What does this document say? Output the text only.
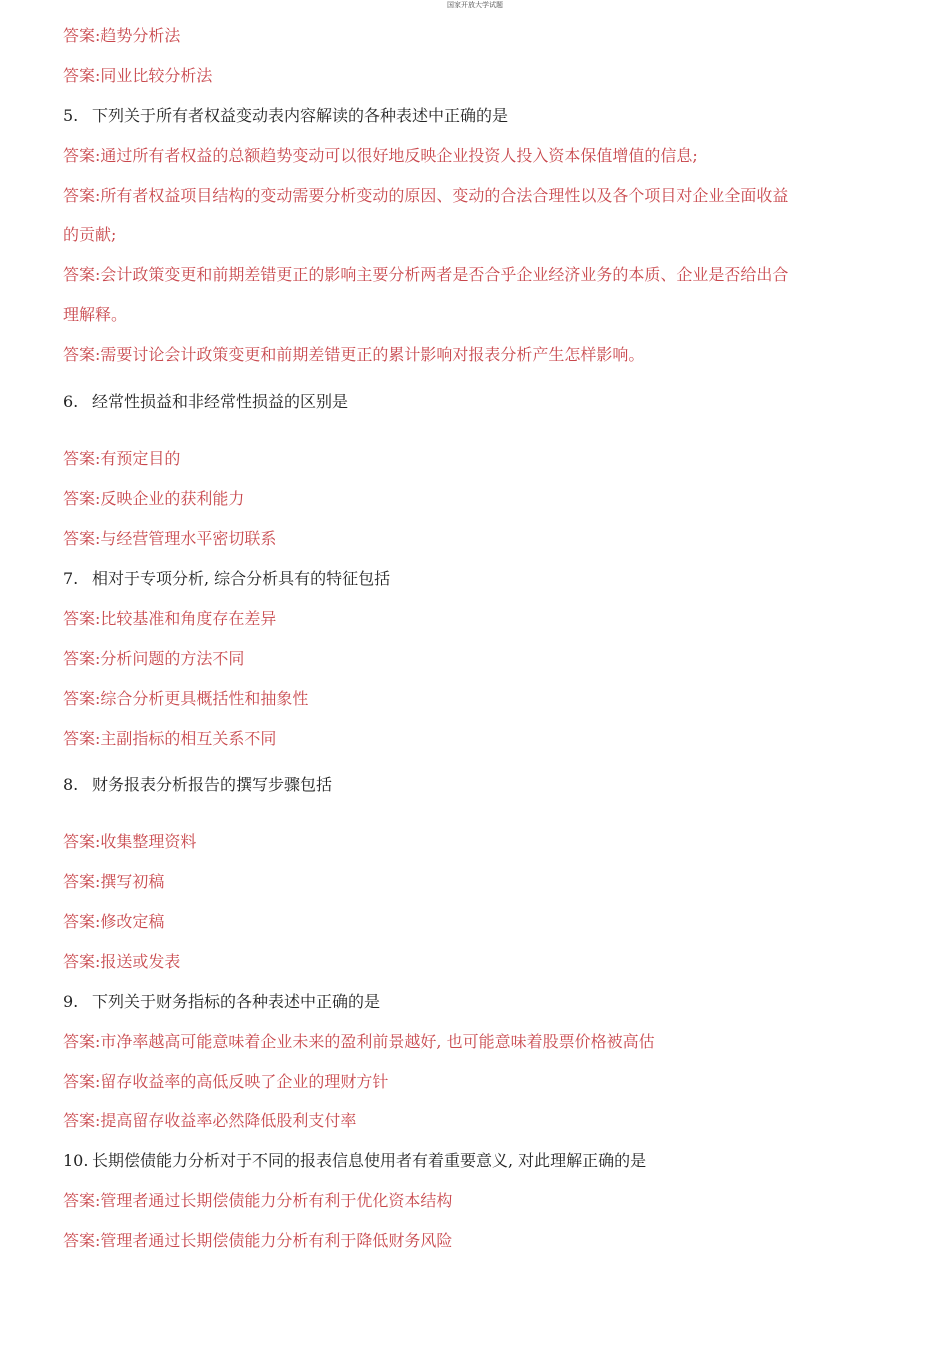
国家开放大学试题
答案:趋势分析法
答案:同业比较分析法
5. 下列关于所有者权益变动表内容解读的各种表述中正确的是
答案:通过所有者权益的总额趋势变动可以很好地反映企业投资人投入资本保值增值的信息;
答案:所有者权益项目结构的变动需要分析变动的原因、变动的合法合理性以及各个项目对企业全面收益
的贡献;
答案:会计政策变更和前期差错更正的影响主要分析两者是否合乎企业经济业务的本质、企业是否给出合
理解释。
答案:需要讨论会计政策变更和前期差错更正的累计影响对报表分析产生怎样影响。
6. 经常性损益和非经常性损益的区别是
答案:有预定目的
答案:反映企业的获利能力
答案:与经营管理水平密切联系
7. 相对于专项分析, 综合分析具有的特征包括
答案:比较基准和角度存在差异
答案:分析问题的方法不同
答案:综合分析更具概括性和抽象性
答案:主副指标的相互关系不同
8. 财务报表分析报告的撰写步骤包括
答案:收集整理资料
答案:撰写初稿
答案:修改定稿
答案:报送或发表
9. 下列关于财务指标的各种表述中正确的是
答案:市净率越高可能意味着企业未来的盈利前景越好, 也可能意味着股票价格被高估
答案:留存收益率的高低反映了企业的理财方针
答案:提高留存收益率必然降低股利支付率
10. 长期偿债能力分析对于不同的报表信息使用者有着重要意义, 对此理解正确的是
答案:管理者通过长期偿债能力分析有利于优化资本结构
答案:管理者通过长期偿债能力分析有利于降低财务风险
